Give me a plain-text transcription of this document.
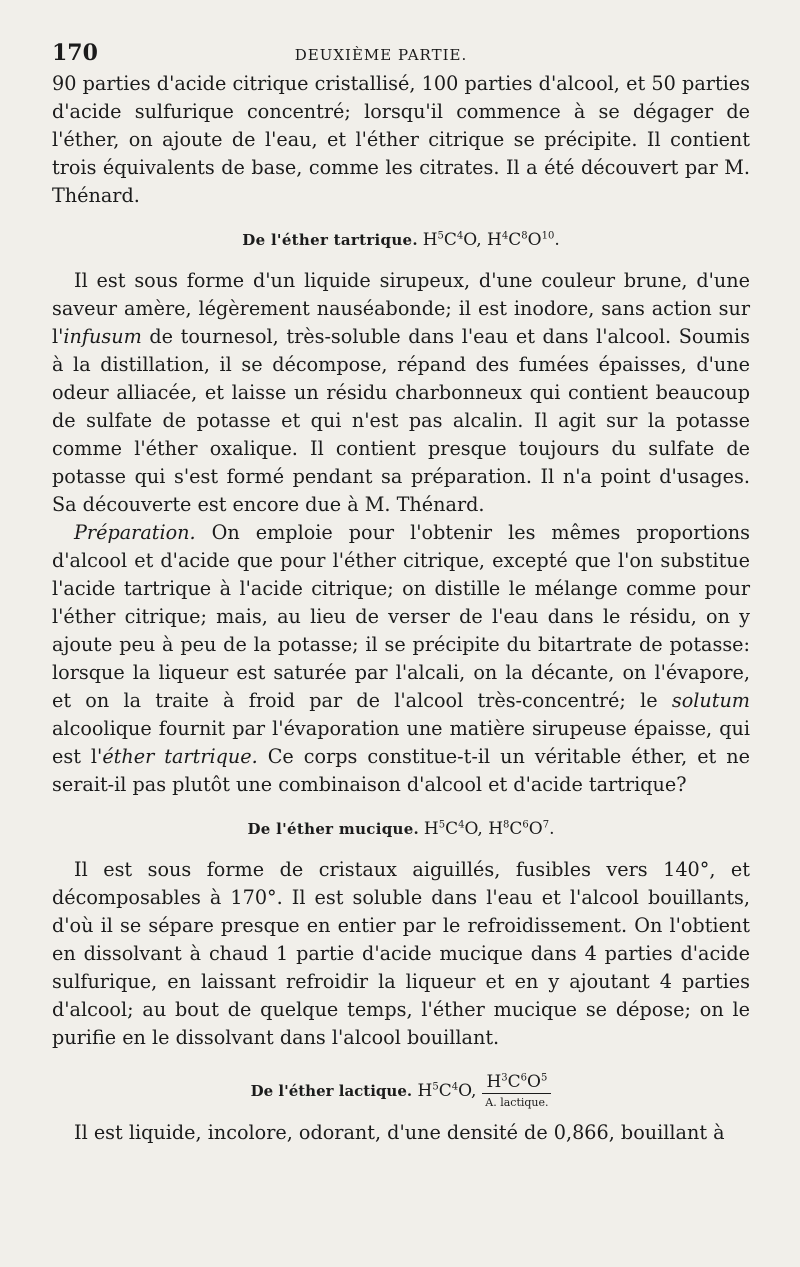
170	DEUXIÈME PARTIE.

90 parties d'acide citrique cristallisé, 100 parties d'alcool, et 50 parties d'acide sulfurique concentré; lorsqu'il commence à se dégager de l'éther, on ajoute de l'eau, et l'éther citrique se précipite. Il contient trois équivalents de base, comme les citrates. Il a été découvert par M. Thénard.

De l'éther tartrique. $H^5C^4O$, $H^4C^8O^{10}$.

Il est sous forme d'un liquide sirupeux, d'une couleur brune, d'une saveur amère, légèrement nauséabonde; il est inodore, sans action sur l'infusum de tournesol, très-soluble dans l'eau et dans l'alcool. Soumis à la distillation, il se décompose, répand des fumées épaisses, d'une odeur alliacée, et laisse un résidu charbonneux qui contient beaucoup de sulfate de potasse et qui n'est pas alcalin. Il agit sur la potasse comme l'éther oxalique. Il contient presque toujours du sulfate de potasse qui s'est formé pendant sa préparation. Il n'a point d'usages. Sa découverte est encore due à M. Thénard.

Préparation. On emploie pour l'obtenir les mêmes proportions d'alcool et d'acide que pour l'éther citrique, excepté que l'on substitue l'acide tartrique à l'acide citrique; on distille le mélange comme pour l'éther citrique; mais, au lieu de verser de l'eau dans le résidu, on y ajoute peu à peu de la potasse; il se précipite du bitartrate de potasse: lorsque la liqueur est saturée par l'alcali, on la décante, on l'évapore, et on la traite à froid par de l'alcool très-concentré; le solutum alcoolique fournit par l'évaporation une matière sirupeuse épaisse, qui est l'éther tartrique. Ce corps constitue-t-il un véritable éther, et ne serait-il pas plutôt une combinaison d'alcool et d'acide tartrique?

De l'éther mucique. $H^5C^4O$, $H^8C^6O^7$.

Il est sous forme de cristaux aiguillés, fusibles vers 140°, et décomposables à 170°. Il est soluble dans l'eau et l'alcool bouillants, d'où il se sépare presque en entier par le refroidissement. On l'obtient en dissolvant à chaud 1 partie d'acide mucique dans 4 parties d'acide sulfurique, en laissant refroidir la liqueur et en y ajoutant 4 parties d'alcool; au bout de quelque temps, l'éther mucique se dépose; on le purifie en le dissolvant dans l'alcool bouillant.

De l'éther lactique. $H^5C^4O$, $\frac{H^3C^6O^5}{\text{A. lactique.}}$

Il est liquide, incolore, odorant, d'une densité de 0,866, bouillant à
